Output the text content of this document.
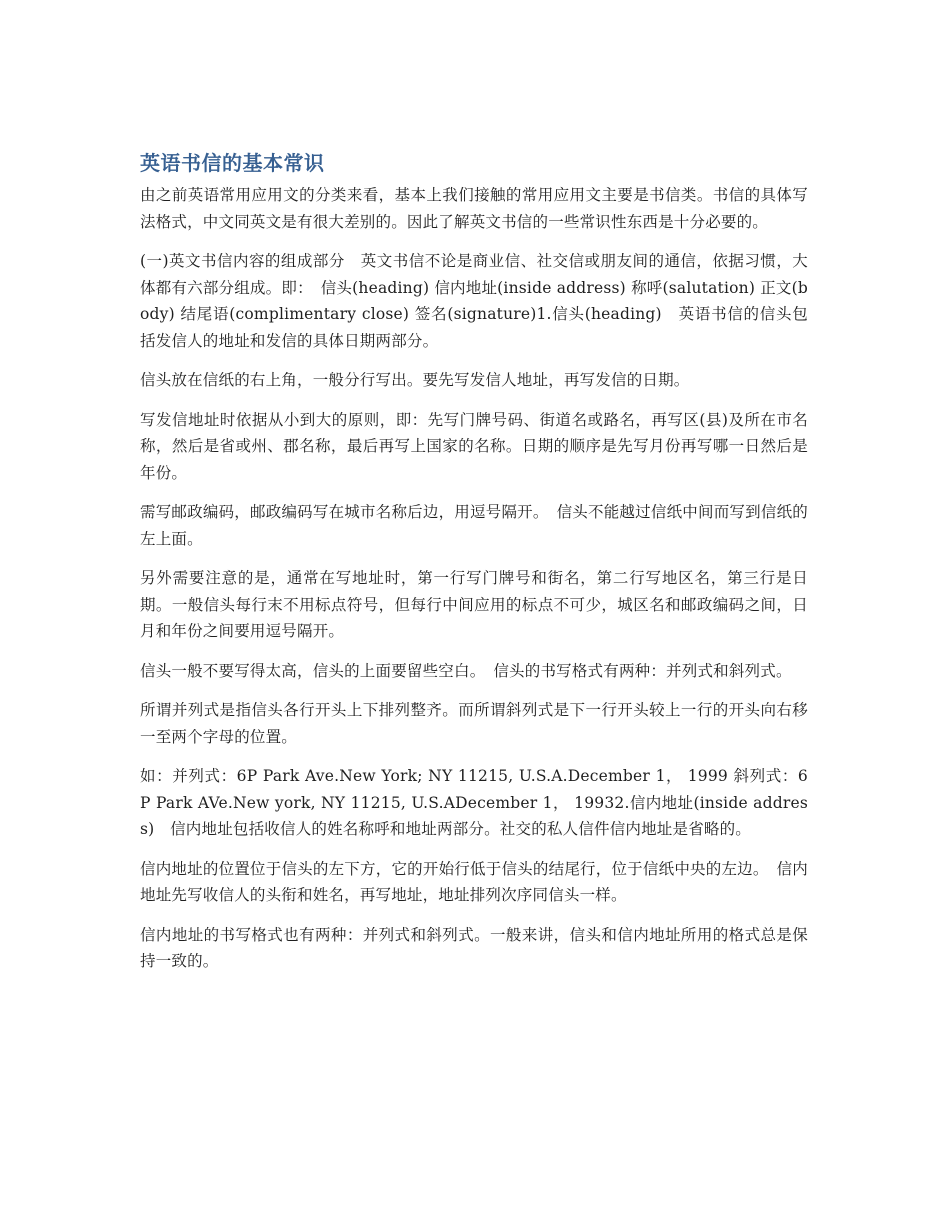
英语书信的基本常识

由之前英语常用应用文的分类来看，基本上我们接触的常用应用文主要是书信类。书信的具体写法格式，中文同英文是有很大差别的。因此了解英文书信的一些常识性东西是十分必要的。

(一)英文书信内容的组成部分　英文书信不论是商业信、社交信或朋友间的通信，依据习惯，大体都有六部分组成。即：　信头(heading) 信内地址(inside address) 称呼(salutation) 正文(body) 结尾语(complimentary close) 签名(signature)1.信头(heading)　英语书信的信头包括发信人的地址和发信的具体日期两部分。

信头放在信纸的右上角，一般分行写出。要先写发信人地址，再写发信的日期。

写发信地址时依据从小到大的原则，即：先写门牌号码、街道名或路名，再写区(县)及所在市名称，然后是省或州、郡名称，最后再写上国家的名称。日期的顺序是先写月份再写哪一日然后是年份。

需写邮政编码，邮政编码写在城市名称后边，用逗号隔开。　信头不能越过信纸中间而写到信纸的左上面。

另外需要注意的是，通常在写地址时，第一行写门牌号和街名，第二行写地区名，第三行是日期。一般信头每行末不用标点符号，但每行中间应用的标点不可少，城区名和邮政编码之间，日月和年份之间要用逗号隔开。

信头一般不要写得太高，信头的上面要留些空白。　信头的书写格式有两种：并列式和斜列式。

所谓并列式是指信头各行开头上下排列整齐。而所谓斜列式是下一行开头较上一行的开头向右移一至两个字母的位置。

如：并列式：6P Park Ave.New York; NY 11215, U.S.A.December 1， 1999 斜列式：6P Park AVe.New york, NY 11215, U.S.ADecember 1， 19932.信内地址(inside address)　信内地址包括收信人的姓名称呼和地址两部分。社交的私人信件信内地址是省略的。

信内地址的位置位于信头的左下方，它的开始行低于信头的结尾行，位于信纸中央的左边。　信内地址先写收信人的头衔和姓名，再写地址，地址排列次序同信头一样。

信内地址的书写格式也有两种：并列式和斜列式。一般来讲，信头和信内地址所用的格式总是保持一致的。
